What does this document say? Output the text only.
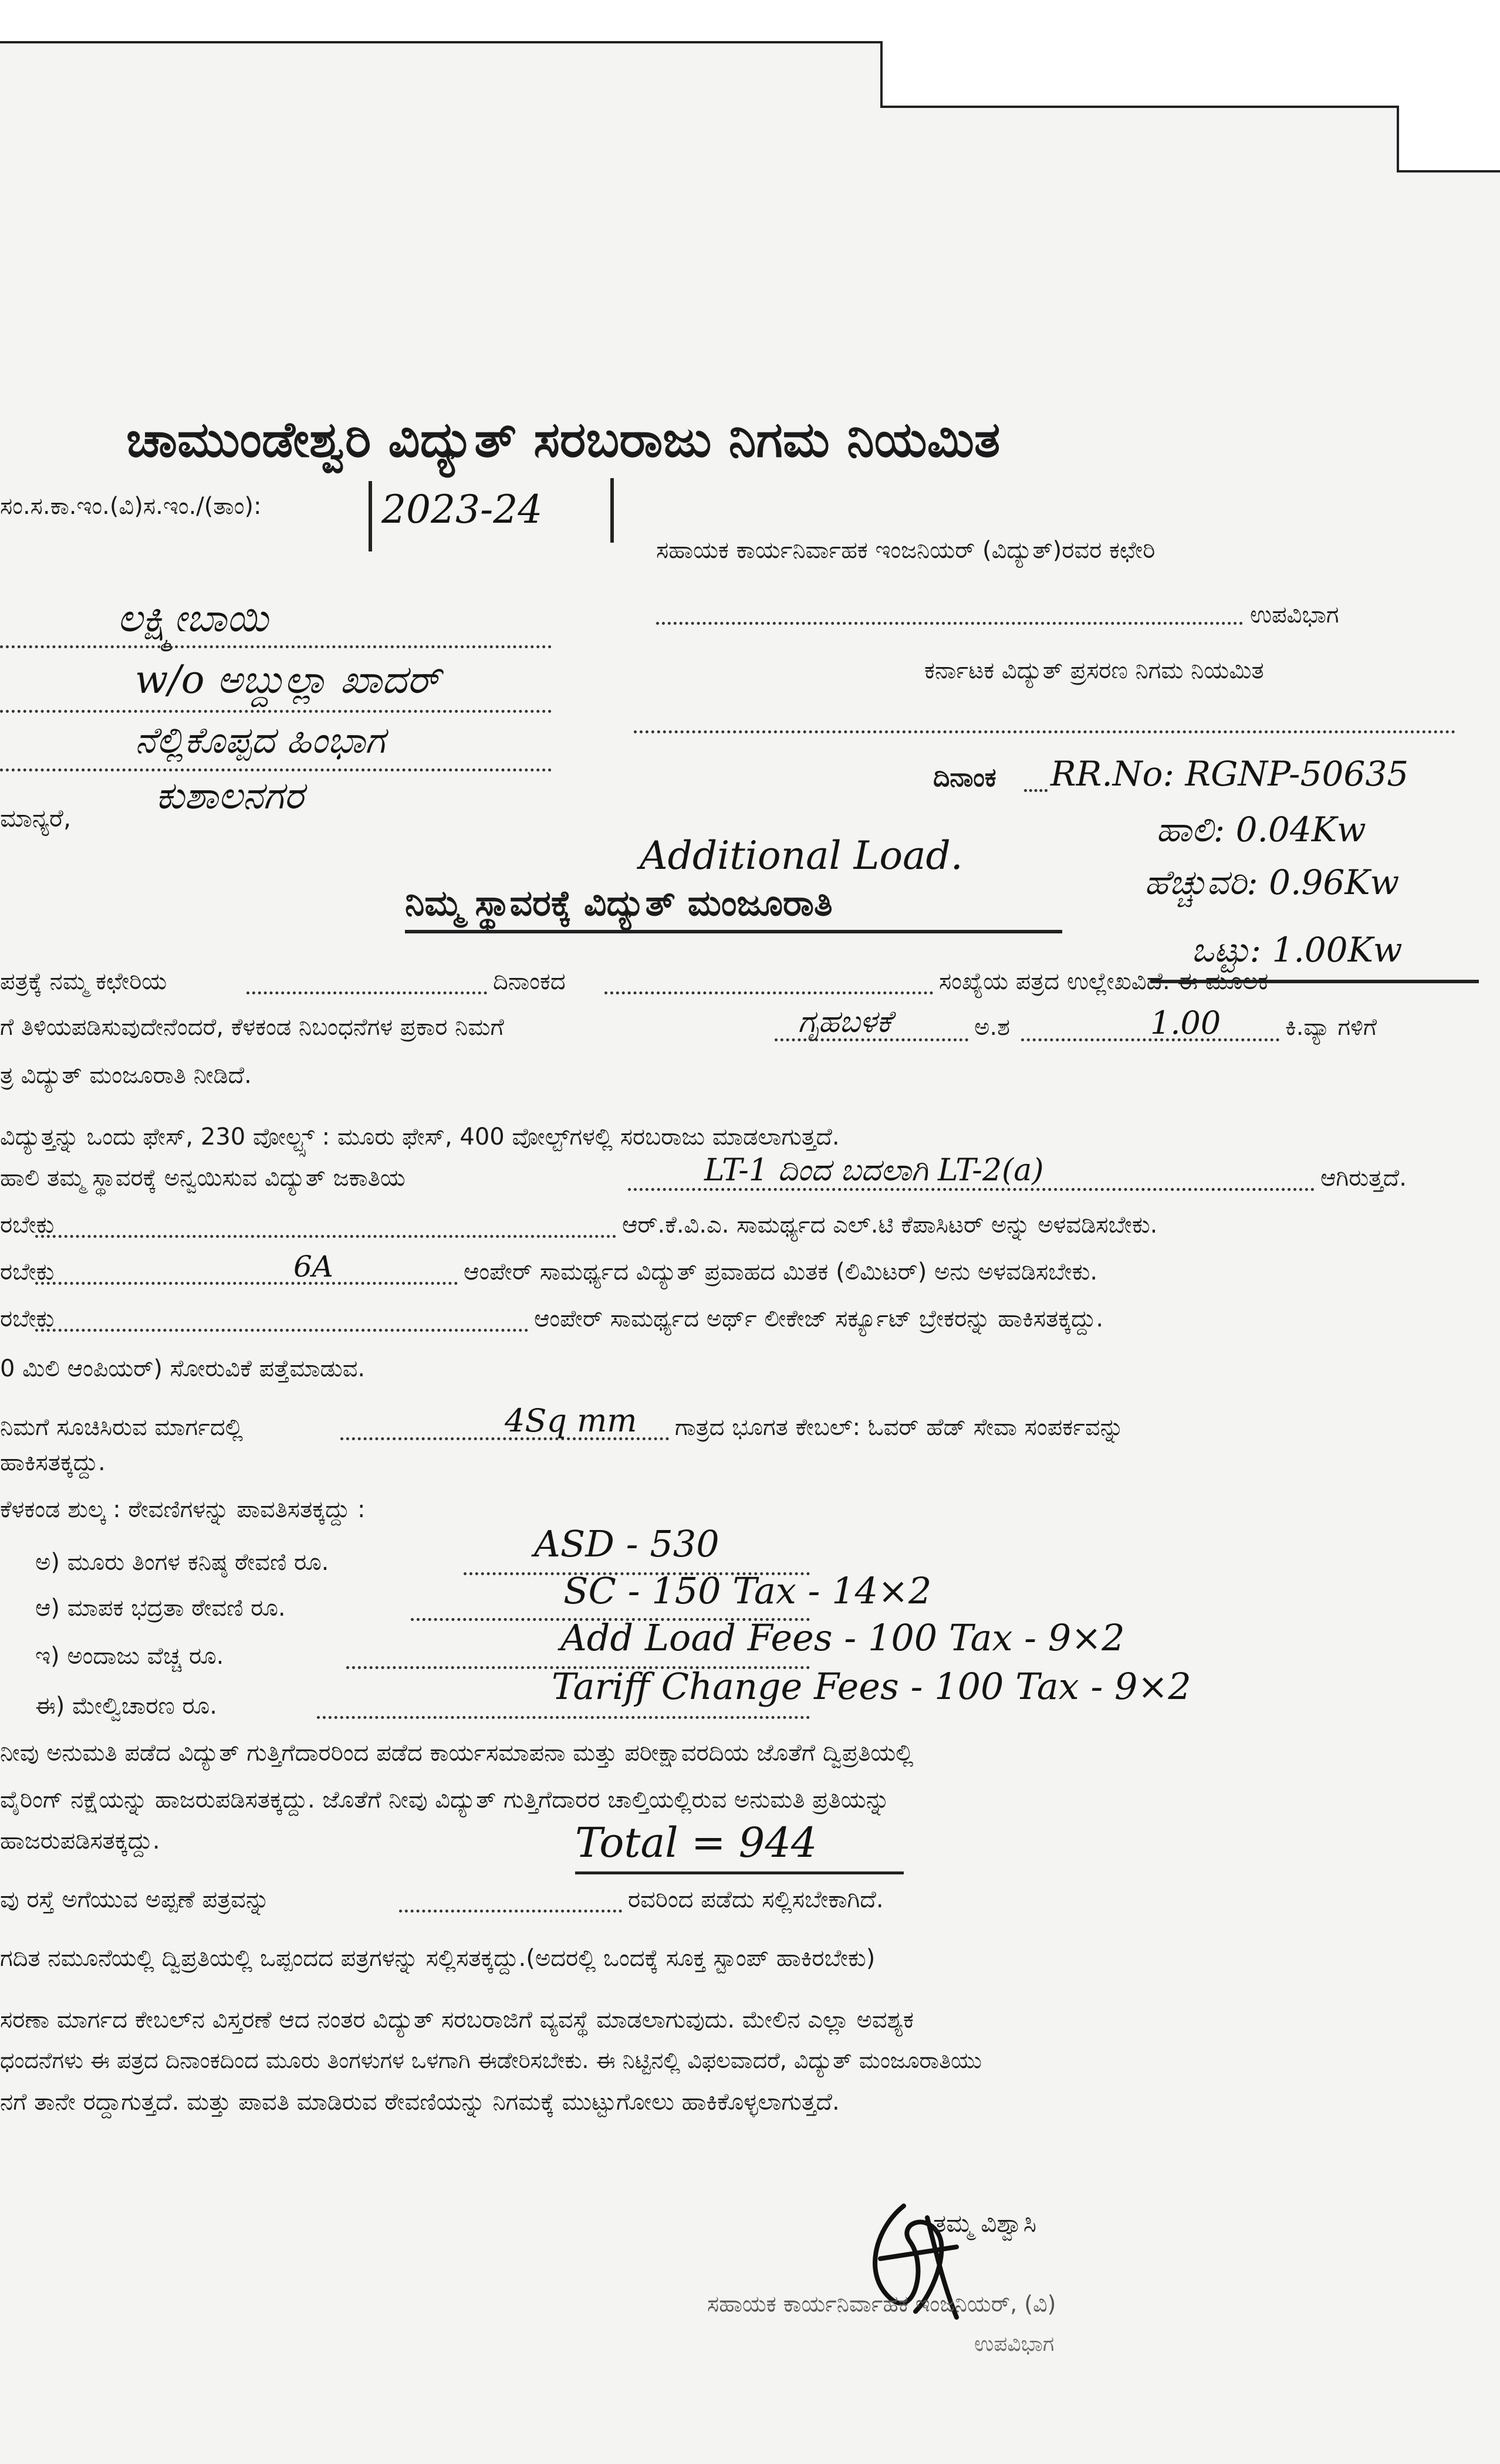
ಚಾಮುಂಡೇಶ್ವರಿ ವಿದ್ಯುತ್ ಸರಬರಾಜು ನಿಗಮ ನಿಯಮಿತ
ಸಂ.ಸ.ಕಾ.ಇಂ.(ವಿ)ಸ.ಇಂ./(ತಾಂ):	2023-24
ಸಹಾಯಕ ಕಾರ್ಯನಿರ್ವಾಹಕ ಇಂಜನಿಯರ್ (ವಿದ್ಯುತ್)ರವರ ಕಛೇರಿ
ಉಪವಿಭಾಗ
ಕರ್ನಾಟಕ ವಿದ್ಯುತ್ ಪ್ರಸರಣ ನಿಗಮ ನಿಯಮಿತ
ದಿನಾಂಕ RR.No: RGNP-50635
ಲಕ್ಷ್ಮೀಬಾಯಿ
w/o ಅಬ್ದುಲ್ಲಾ ಖಾದರ್
ನೆಲ್ಲಿಕೊಪ್ಪದ ಹಿಂಭಾಗ
ಕುಶಾಲನಗರ
ಮಾನ್ಯರೆ,	ಹಾಲಿ: 0.04Kw
ಹೆಚ್ಚುವರಿ: 0.96Kw
ಒಟ್ಟು: 1.00Kw
Additional Load.
ನಿಮ್ಮ ಸ್ಥಾವರಕ್ಕೆ ವಿದ್ಯುತ್ ಮಂಜೂರಾತಿ
ಪತ್ರಕ್ಕೆ ನಮ್ಮ ಕಛೇರಿಯ	ದಿನಾಂಕದ	ಸಂಖ್ಯೆಯ ಪತ್ರದ ಉಲ್ಲೇಖವಿದೆ. ಈ ಮೂಲಕ
ಗೆ ತಿಳಿಯಪಡಿಸುವುದೇನೆಂದರೆ, ಕೆಳಕಂಡ ನಿಬಂಧನೆಗಳ ಪ್ರಕಾರ ನಿಮಗೆ	ಗೃಹಬಳಕೆ	ಅ.ಶ	1.00	ಕಿ.ವ್ಯಾ ಗಳಿಗೆ
ತ್ರ ವಿದ್ಯುತ್ ಮಂಜೂರಾತಿ ನೀಡಿದೆ.
ವಿದ್ಯುತ್ತನ್ನು ಒಂದು ಫೇಸ್, 230 ವೋಲ್ಟ್ಸ್ : ಮೂರು ಫೇಸ್, 400 ವೋಲ್ಟ್‌ಗಳಲ್ಲಿ ಸರಬರಾಜು ಮಾಡಲಾಗುತ್ತದೆ.
ಹಾಲಿ ತಮ್ಮ ಸ್ಥಾವರಕ್ಕೆ ಅನ್ವಯಿಸುವ ವಿದ್ಯುತ್ ಜಕಾತಿಯ	LT-1 ದಿಂದ ಬದಲಾಗಿ LT-2(a)	ಆಗಿರುತ್ತದೆ.
ರಬೇಕು	ಆರ್.ಕೆ.ವಿ.ಎ. ಸಾಮರ್ಥ್ಯದ ಎಲ್.ಟಿ ಕೆಪಾಸಿಟರ್ ಅನ್ನು ಅಳವಡಿಸಬೇಕು.
ರಬೇಕು	6A	ಆಂಪೇರ್ ಸಾಮರ್ಥ್ಯದ ವಿದ್ಯುತ್ ಪ್ರವಾಹದ ಮಿತಕ (ಲಿಮಿಟರ್) ಅನು ಅಳವಡಿಸಬೇಕು.
ರಬೇಕು	ಆಂಪೇರ್ ಸಾಮರ್ಥ್ಯದ ಅರ್ಥ್ ಲೀಕೇಜ್ ಸರ್ಕ್ಯೂಟ್ ಬ್ರೇಕರನ್ನು ಹಾಕಿಸತಕ್ಕದ್ದು.
0 ಮಿಲಿ ಆಂಪಿಯರ್) ಸೋರುವಿಕೆ ಪತ್ತೆಮಾಡುವ.
ನಿಮಗೆ ಸೂಚಿಸಿರುವ ಮಾರ್ಗದಲ್ಲಿ	4Sq mm ಗಾತ್ರದ ಭೂಗತ ಕೇಬಲ್: ಓವರ್ ಹೆಡ್ ಸೇವಾ ಸಂಪರ್ಕವನ್ನು
ಹಾಕಿಸತಕ್ಕದ್ದು.
ಕೆಳಕಂಡ ಶುಲ್ಕ : ಠೇವಣಿಗಳನ್ನು ಪಾವತಿಸತಕ್ಕದ್ದು :
ಅ) ಮೂರು ತಿಂಗಳ ಕನಿಷ್ಠ ಠೇವಣಿ ರೂ.	ASD - 530
ಆ) ಮಾಪಕ ಭದ್ರತಾ ಠೇವಣಿ ರೂ.	SC - 150 Tax - 14×2
ಇ) ಅಂದಾಜು ವೆಚ್ಚ ರೂ.	Add Load Fees - 100 Tax - 9×2
ಈ) ಮೇಲ್ವಿಚಾರಣ ರೂ.	Tariff Change Fees - 100 Tax - 9×2
ನೀವು ಅನುಮತಿ ಪಡೆದ ವಿದ್ಯುತ್ ಗುತ್ತಿಗೆದಾರರಿಂದ ಪಡೆದ ಕಾರ್ಯಸಮಾಪನಾ ಮತ್ತು ಪರೀಕ್ಷಾವರದಿಯ ಜೊತೆಗೆ ದ್ವಿಪ್ರತಿಯಲ್ಲಿ
ವೈರಿಂಗ್ ನಕ್ಷೆಯನ್ನು ಹಾಜರುಪಡಿಸತಕ್ಕದ್ದು. ಜೊತೆಗೆ ನೀವು ವಿದ್ಯುತ್ ಗುತ್ತಿಗೆದಾರರ ಚಾಲ್ತಿಯಲ್ಲಿರುವ ಅನುಮತಿ ಪ್ರತಿಯನ್ನು
ಹಾಜರುಪಡಿಸತಕ್ಕದ್ದು.	Total = 944
ವು ರಸ್ತೆ ಅಗೆಯುವ ಅಪ್ಪಣೆ ಪತ್ರವನ್ನು	ರವರಿಂದ ಪಡೆದು ಸಲ್ಲಿಸಬೇಕಾಗಿದೆ.
ಗದಿತ ನಮೂನೆಯಲ್ಲಿ ದ್ವಿಪ್ರತಿಯಲ್ಲಿ ಒಪ್ಪಂದದ ಪತ್ರಗಳನ್ನು ಸಲ್ಲಿಸತಕ್ಕದ್ದು.(ಅದರಲ್ಲಿ ಒಂದಕ್ಕೆ ಸೂಕ್ತ ಸ್ಟಾಂಪ್ ಹಾಕಿರಬೇಕು)
ಸರಣಾ ಮಾರ್ಗದ ಕೇಬಲ್‌ನ ವಿಸ್ತರಣೆ ಆದ ನಂತರ ವಿದ್ಯುತ್ ಸರಬರಾಜಿಗೆ ವ್ಯವಸ್ಥೆ ಮಾಡಲಾಗುವುದು. ಮೇಲಿನ ಎಲ್ಲಾ ಅವಶ್ಯಕ
ಧಂದನೆಗಳು ಈ ಪತ್ರದ ದಿನಾಂಕದಿಂದ ಮೂರು ತಿಂಗಳುಗಳ ಒಳಗಾಗಿ ಈಡೇರಿಸಬೇಕು. ಈ ನಿಟ್ಟಿನಲ್ಲಿ ವಿಫಲವಾದರೆ, ವಿದ್ಯುತ್ ಮಂಜೂರಾತಿಯು
ನಗೆ ತಾನೇ ರದ್ದಾಗುತ್ತದೆ. ಮತ್ತು ಪಾವತಿ ಮಾಡಿರುವ ಠೇವಣಿಯನ್ನು ನಿಗಮಕ್ಕೆ ಮುಟ್ಟುಗೋಲು ಹಾಕಿಕೊಳ್ಳಲಾಗುತ್ತದೆ.
ತಮ್ಮ ವಿಶ್ವಾಸಿ
ಸಹಾಯಕ ಕಾರ್ಯನಿರ್ವಾಹಕ ಇಂಜನಿಯರ್, (ವಿ)
ಉಪವಿಭಾಗ
